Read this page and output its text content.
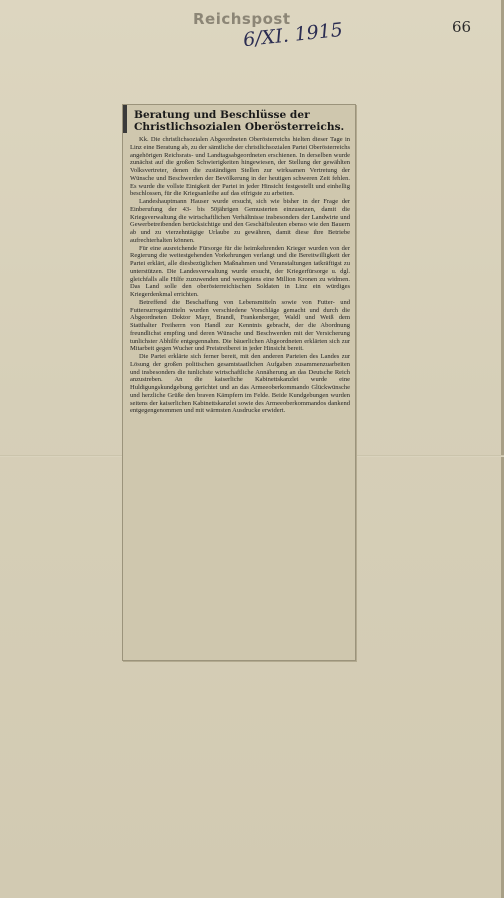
Reichspost
6/XI. 1915	66
Beratung und Beschlüsse der
Christlichsozialen Oberösterreichs.

Kk. Die christlichsozialen Abgeordneten Oberösterreichs hielten dieser Tage in Linz eine Beratung ab, zu der sämtliche der christlichsozialen Partei Oberösterreichs angehörigen Reichsrats- und Landtagsabgeordneten erschienen. In derselben wurde zunächst auf die großen Schwierigkeiten hingewiesen, der Stellung der gewählten Volksvertreter, denen die zuständigen Stellen zur wirksamen Vertretung der Wünsche und Beschwerden der Bevölkerung in der heutigen schweren Zeit fehlen. Es wurde die vollste Einigkeit der Partei in jeder Hinsicht festgestellt und einhellig beschlossen, für die Kriegsanleihe auf das eifrigste zu arbeiten.

Landeshauptmann Hauser wurde ersucht, sich wie bisher in der Frage der Einberufung der 43- bis 50jährigen Gemusterten einzusetzen, damit die Kriegsverwaltung die wirtschaftlichen Verhältnisse insbesonders der Landwirte und Gewerbetreibenden berücksichtige und den Geschäftsleuten ebenso wie den Bauern ab und zu vierzehntägige Urlaube zu gewähren, damit diese ihre Betriebe aufrechterhalten können.

Für eine ausreichende Fürsorge für die heimkehrenden Krieger wurden von der Regierung die weitestgehenden Vorkehrungen verlangt und die Bereitwilligkeit der Partei erklärt, alle diesbezüglichen Maßnahmen und Veranstaltungen tatkräftigst zu unterstützen. Die Landesverwaltung wurde ersucht, der Kriegerfürsorge u. dgl. gleichfalls alle Hilfe zuzuwenden und wenigstens eine Million Kronen zu widmen. Das Land solle den oberösterreichischen Soldaten in Linz ein würdiges Kriegerdenkmal errichten.

Betreffend die Beschaffung von Lebensmitteln sowie von Futter- und Futtersurrogatmitteln wurden verschiedene Vorschläge gemacht und durch die Abgeordneten Doktor Mayr, Brandl, Frankenberger, Waldl und Weiß dem Statthalter Freiherrn von Handl zur Kenntnis gebracht, der die Abordnung freundlichst empfing und deren Wünsche und Beschwerden mit der Versicherung tunlichster Abhilfe entgegennahm. Die bäuerlichen Abgeordneten erklärten sich zur Mitarbeit gegen Wucher und Preistreiberei in jeder Hinsicht bereit.

Die Partei erklärte sich ferner bereit, mit den anderen Parteien des Landes zur Lösung der großen politischen gesamtstaatlichen Aufgaben zusammenzuarbeiten und insbesonders die tunlichste wirtschaftliche Annäherung an das Deutsche Reich anzustreben. An die kaiserliche Kabinettskanzlei wurde eine Huldigungskundgebung gerichtet und an das Armeeoberkommando Glückwünsche und herzliche Grüße den braven Kämpfern im Felde. Beide Kundgebungen wurden seitens der kaiserlichen Kabinettskanzlei sowie des Armeeoberkommandos dankend entgegengenommen und mit wärmsten Ausdrucke erwidert.
